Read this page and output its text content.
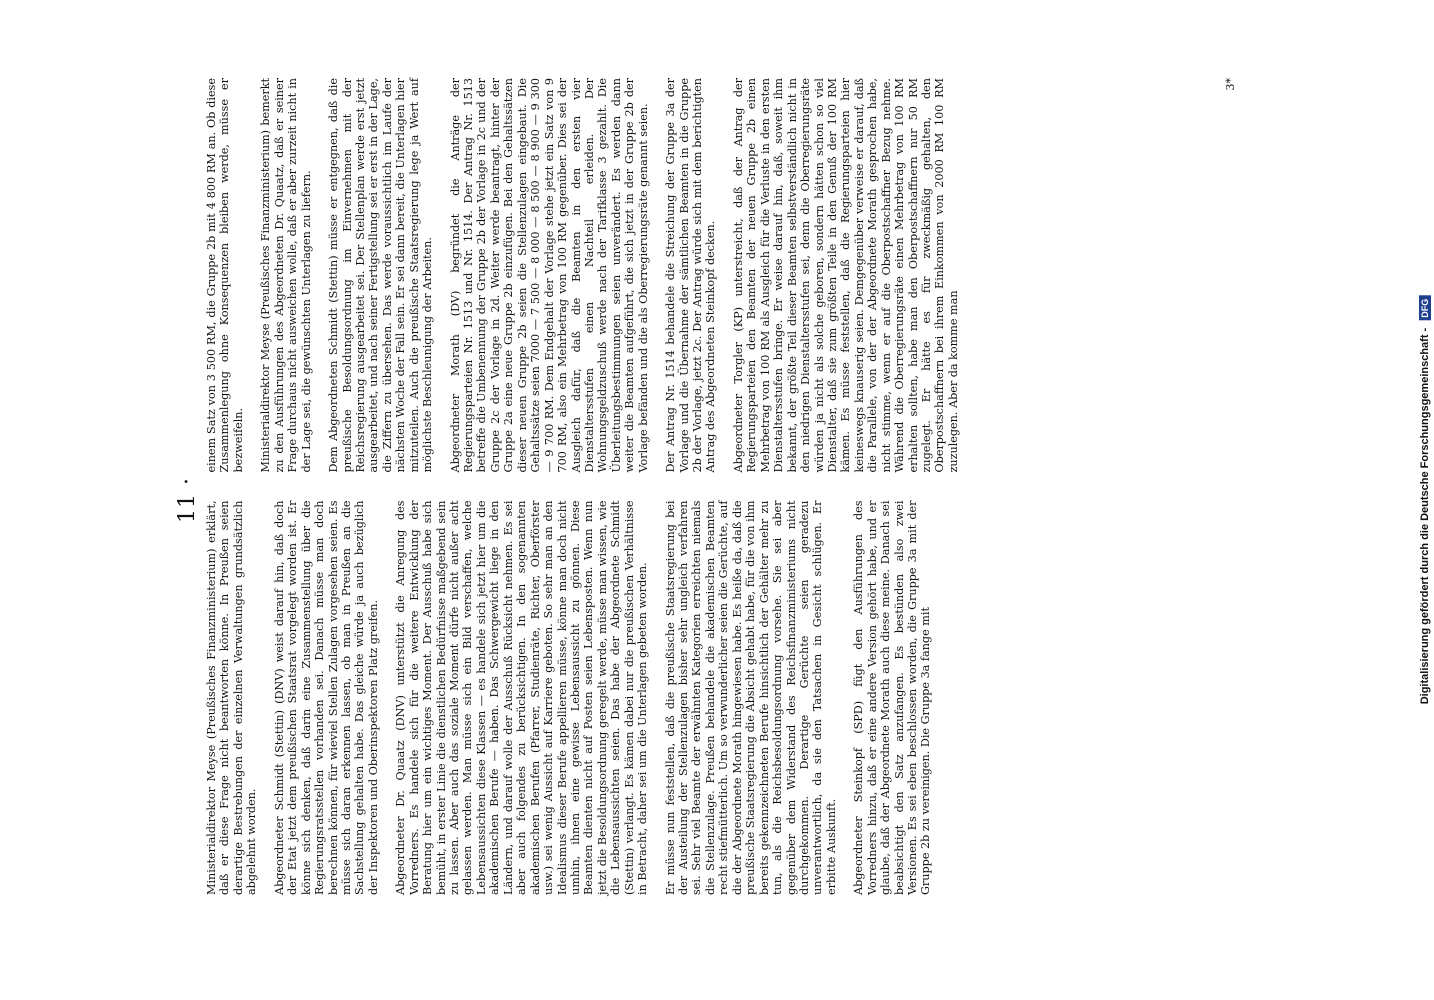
11 ·

Ministerialdirektor Meyse (Preußisches Finanzministerium) erklärt, daß er diese Frage nicht beantworten könne. In Preußen seien derartige Bestrebungen der einzelnen Verwaltungen grundsätzlich abgelehnt worden. Abgeordneter Schmidt (Stettin) (DNV) weist darauf hin, daß doch der Etat jetzt dem preußischen Staatsrat vorgelegt worden ist. Er könne sich denken, daß darin eine Zusammenstellung über die Regierungsratsstellen vorhanden sei. Danach müsse man doch berechnen können, für wieviel Stellen Zulagen vorgesehen seien. Es müsse sich daran erkennen lassen, ob man in Preußen an die Sachstellung gehalten habe. Das gleiche würde ja auch bezüglich der Inspektoren und Oberinspektoren Platz greifen. Abgeordneter Dr. Quaatz (DNV) unterstützt die Anregung des Vorredners. Es handele sich für die weitere Entwicklung der Beratung hier um ein wichtiges Moment. Der Ausschuß habe sich bemüht, in erster Linie die dienstlichen Bedürfnisse maßgebend sein zu lassen. Aber auch das soziale Moment dürfe nicht außer acht gelassen werden. Man müsse sich ein Bild verschaffen, welche Lebensaussichten diese Klassen — es handele sich jetzt hier um die akademischen Berufe — haben. Das Schwergewicht liege in den Ländern, und darauf wolle der Ausschuß Rücksicht nehmen. Es sei aber auch folgendes zu berücksichtigen. In den sogenannten akademischen Berufen (Pfarrer, Studienräte, Richter, Oberförster usw.) sei wenig Aussicht auf Karriere geboten. So sehr man an den Idealismus dieser Berufe appellieren müsse, könne man doch nicht umhin, ihnen eine gewisse Lebensaussicht zu gönnen. Diese Beamten dienten nicht auf Posten seien Lebensposten. Wenn nun jetzt die Besoldungsordnung geregelt werde, müsse man wissen, wie die Lebensaussichten seien. Das habe der Abgeordnete Schmidt (Stettin) verlangt. Es kämen dabei nur die preußischen Verhältnisse in Betracht, daher sei um die Unterlagen gebeten worden. Er müsse nun feststellen, daß die preußische Staatsregierung bei der Austeilung der Stellenzulagen bisher sehr ungleich verfahren sei. Sehr viel Beamte der erwähnten Kategorien erreichten niemals die Stellenzulage. Preußen behandele die akademischen Beamten recht stiefmütterlich. Um so verwunderlicher seien die Gerüchte, auf die der Abgeordnete Morath hingewiesen habe. Es heiße da, daß die preußische Staatsregierung die Absicht gehabt habe, für die von ihm bereits gekennzeichneten Berufe hinsichtlich der Gehälter mehr zu tun, als die Reichsbesoldungsordnung vorsehe. Sie sei aber gegenüber dem Widerstand des Reichsfinanzministeriums nicht durchgekommen. Derartige Gerüchte seien geradezu unverantwortlich, da sie den Tatsachen in Gesicht schlügen. Er erbitte Auskunft. Abgeordneter Steinkopf (SPD) fügt den Ausführungen des Vorredners hinzu, daß er eine andere Version gehört habe, und er glaube, daß der Abgeordnete Morath auch diese meine. Danach sei beabsichtigt den Satz anzufangen. Es bestünden also zwei Versionen. Es sei eben beschlossen worden, die Gruppe 3a mit der Gruppe 2b zu vereinigen. Die Gruppe 3a fange mit

einem Satz von 3 500 RM, die Gruppe 2b mit 4 800 RM an. Ob diese Zusammenlegung ohne Konsequenzen bleiben werde, müsse er bezweifeln. Ministerialdirektor Meyse (Preußisches Finanzministerium) bemerkt zu den Ausführungen des Abgeordneten Dr. Quaatz, daß er seiner Frage durchaus nicht ausweichen wolle, daß er aber zurzeit nicht in der Lage sei, die gewünschten Unterlagen zu liefern. Dem Abgeordneten Schmidt (Stettin) müsse er entgegnen, daß die preußische Besoldungsordnung im Einvernehmen mit der Reichsregierung ausgearbeitet sei. Der Stellenplan werde erst jetzt ausgearbeitet, und nach seiner Fertigstellung sei er erst in der Lage, die Ziffern zu übersehen. Das werde voraussichtlich im Laufe der nächsten Woche der Fall sein. Er sei dann bereit, die Unterlagen hier mitzuteilen. Auch die preußische Staatsregierung lege ja Wert auf möglichste Beschleunigung der Arbeiten. Abgeordneter Morath (DV) begründet die Anträge der Regierungsparteien Nr. 1513 und Nr. 1514. Der Antrag Nr. 1513 betreffe die Umbenennung der Gruppe 2b der Vorlage in 2c und der Gruppe 2c der Vorlage in 2d. Weiter werde beantragt, hinter der Gruppe 2a eine neue Gruppe 2b einzufügen. Bei den Gehaltssätzen dieser neuen Gruppe 2b seien die Stellenzulagen eingebaut. Die Gehaltssätze seien 7000 — 7 500 — 8 000 — 8 500 — 8 900 — 9 300 — 9 700 RM. Dem Endgehalt der Vorlage stehe jetzt ein Satz von 9 700 RM, also ein Mehrbetrag von 100 RM gegenüber. Dies sei der Ausgleich dafür, daß die Beamten in den ersten vier Dienstaltersstufen einen Nachteil erleiden. Der Wohnungsgeldzuschuß werde nach der Tarifklasse 3 gezahlt. Die Überleitungsbestimmungen seien unverändert. Es werden dann weiter die Beamten aufgeführt, die sich jetzt in der Gruppe 2b der Vorlage befänden und die als Oberregierungsräte genannt seien. Der Antrag Nr. 1514 behandele die Streichung der Gruppe 3a der Vorlage und die Übernahme der sämtlichen Beamten in die Gruppe 2b der Vorlage, jetzt 2c. Der Antrag würde sich mit dem berichtigten Antrag des Abgeordneten Steinkopf decken. Abgeordneter Torgler (KP) unterstreicht, daß der Antrag der Regierungsparteien den Beamten der neuen Gruppe 2b einen Mehrbetrag von 100 RM als Ausgleich für die Verluste in den ersten Dienstaltersstufen bringe. Er weise darauf hin, daß, soweit ihm bekannt, der größte Teil dieser Beamten selbstverständlich nicht in den niedrigen Dienstaltersstufen sei, denn die Oberregierungsräte würden ja nicht als solche geboren, sondern hätten schon so viel Dienstalter, daß sie zum größten Teile in den Genuß der 100 RM kämen. Es müsse feststellen, daß die Regierungsparteien hier keineswegs knauserig seien. Demgegenüber verweise er darauf, daß die Parallele, von der der Abgeordnete Morath gesprochen habe, nicht stimme, wenn er auf die Oberpostschaffner Bezug nehme. Während die Oberregierungsräte einen Mehrbetrag von 100 RM erhalten sollten, habe man den Oberpostschaffnern nur 50 RM zugelegt. Er hätte es für zweckmäßig gehalten, den Oberpostschaffnern bei ihrem Einkommen von 2000 RM 100 RM zuzulegen. Aber da komme man

3*
Digitalisierung gefördert durch die Deutsche Forschungsgemeinschaft - DFG
